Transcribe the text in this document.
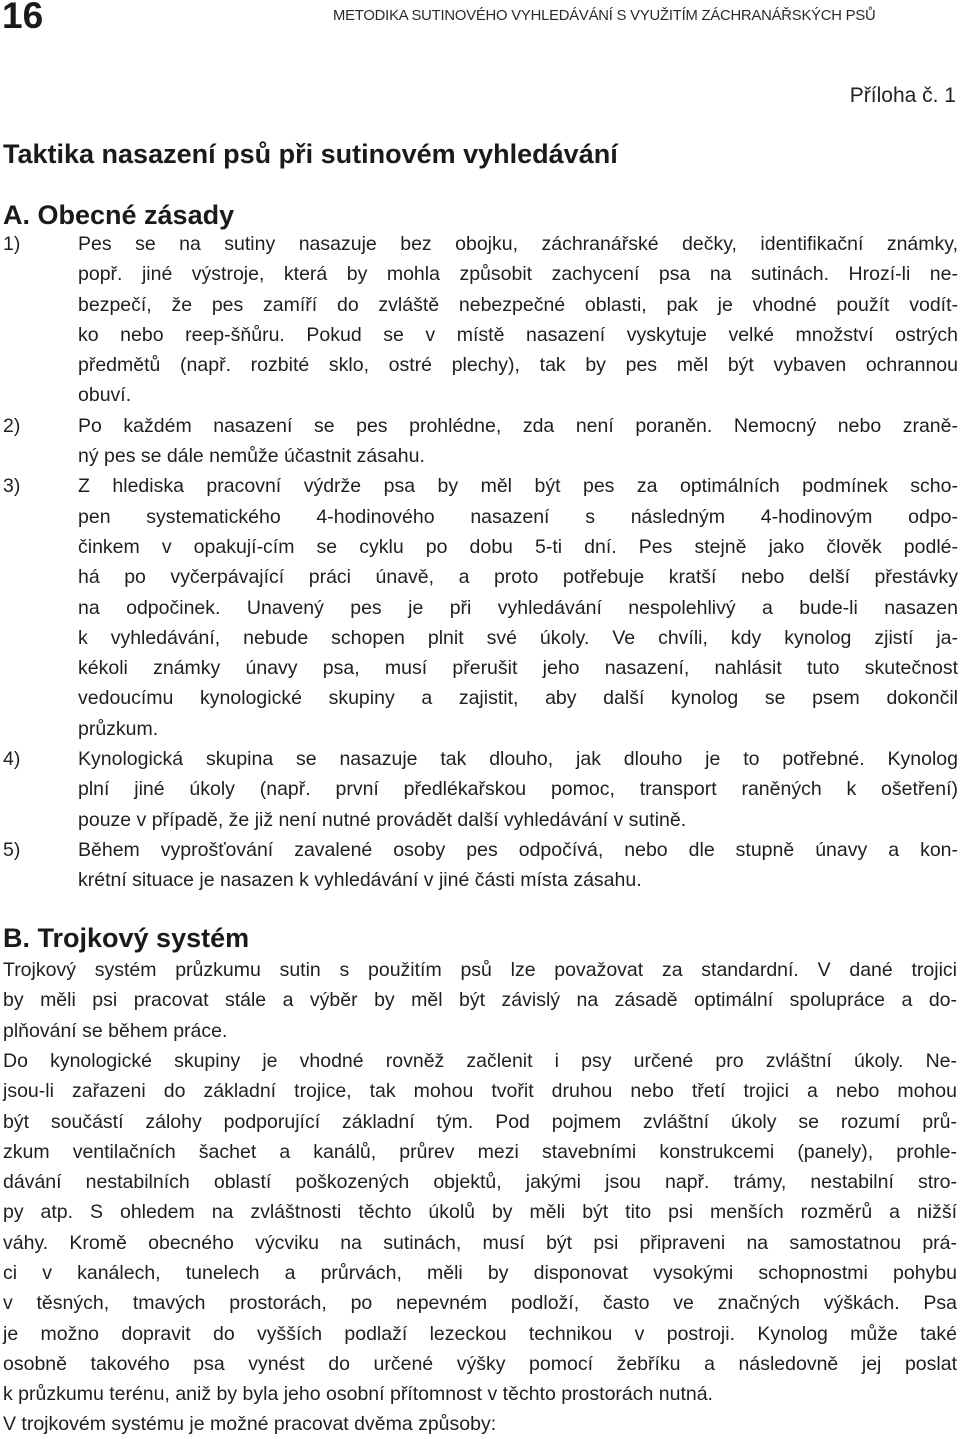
16	METODIKA SUTINOVÉHO VYHLEDÁVÁNÍ S VYUŽITÍM ZÁCHRANÁŘSKÝCH PSŮ
Příloha č. 1
Taktika nasazení psů při sutinovém vyhledávání
A. Obecné zásady
1)	Pes se na sutiny nasazuje bez obojku, záchranářské dečky, identifikační známky,
popř. jiné výstroje, která by mohla způsobit zachycení psa na sutinách. Hrozí-li ne-
bezpečí, že pes zamíří do zvláště nebezpečné oblasti, pak je vhodné použít vodít-
ko nebo reep-šňůru. Pokud se v místě nasazení vyskytuje velké množství ostrých
předmětů (např. rozbité sklo, ostré plechy), tak by pes měl být vybaven ochrannou
obuví.
2)	Po každém nasazení se pes prohlédne, zda není poraněn. Nemocný nebo zraně-
ný pes se dále nemůže účastnit zásahu.
3)	Z hlediska pracovní výdrže psa by měl být pes za optimálních podmínek scho-
pen systematického 4-hodinového nasazení s následným 4-hodinovým odpo-
činkem v opakují-cím se cyklu po dobu 5-ti dní. Pes stejně jako člověk podlé-
há po vyčerpávající práci únavě, a proto potřebuje kratší nebo delší přestávky
na odpočinek. Unavený pes je při vyhledávání nespolehlivý a bude-li nasazen
k vyhledávání, nebude schopen plnit své úkoly. Ve chvíli, kdy kynolog zjistí ja-
kékoli známky únavy psa, musí přerušit jeho nasazení, nahlásit tuto skutečnost
vedoucímu kynologické skupiny a zajistit, aby další kynolog se psem dokončil
průzkum.
4)	Kynologická skupina se nasazuje tak dlouho, jak dlouho je to potřebné. Kynolog
plní jiné úkoly (např. první předlékařskou pomoc, transport raněných k ošetření)
pouze v případě, že již není nutné provádět další vyhledávání v sutině.
5)	Během vyprošťování zavalené osoby pes odpočívá, nebo dle stupně únavy a kon-
krétní situace je nasazen k vyhledávání v jiné části místa zásahu.
B. Trojkový systém
Trojkový systém průzkumu sutin s použitím psů lze považovat za standardní. V dané trojici
by měli psi pracovat stále a výběr by měl být závislý na zásadě optimální spolupráce a do-
plňování se během práce.
Do kynologické skupiny je vhodné rovněž začlenit i psy určené pro zvláštní úkoly. Ne-
jsou-li zařazeni do základní trojice, tak mohou tvořit druhou nebo třetí trojici a nebo mohou
být součástí zálohy podporující základní tým. Pod pojmem zvláštní úkoly se rozumí prů-
zkum ventilačních šachet a kanálů, průrev mezi stavebními konstrukcemi (panely), prohle-
dávání nestabilních oblastí poškozených objektů, jakými jsou např. trámy, nestabilní stro-
py atp. S ohledem na zvláštnosti těchto úkolů by měli být tito psi menších rozměrů a nižší
váhy. Kromě obecného výcviku na sutinách, musí být psi připraveni na samostatnou prá-
ci v kanálech, tunelech a průrvách, měli by disponovat vysokými schopnostmi pohybu
v těsných, tmavých prostorách, po nepevném podloží, často ve značných výškách. Psa
je možno dopravit do vyšších podlaží lezeckou technikou v postroji. Kynolog může také
osobně takového psa vynést do určené výšky pomocí žebříku a následovně jej poslat
k průzkumu terénu, aniž by byla jeho osobní přítomnost v těchto prostorách nutná.
V trojkovém systému je možné pracovat dvěma způsoby:
